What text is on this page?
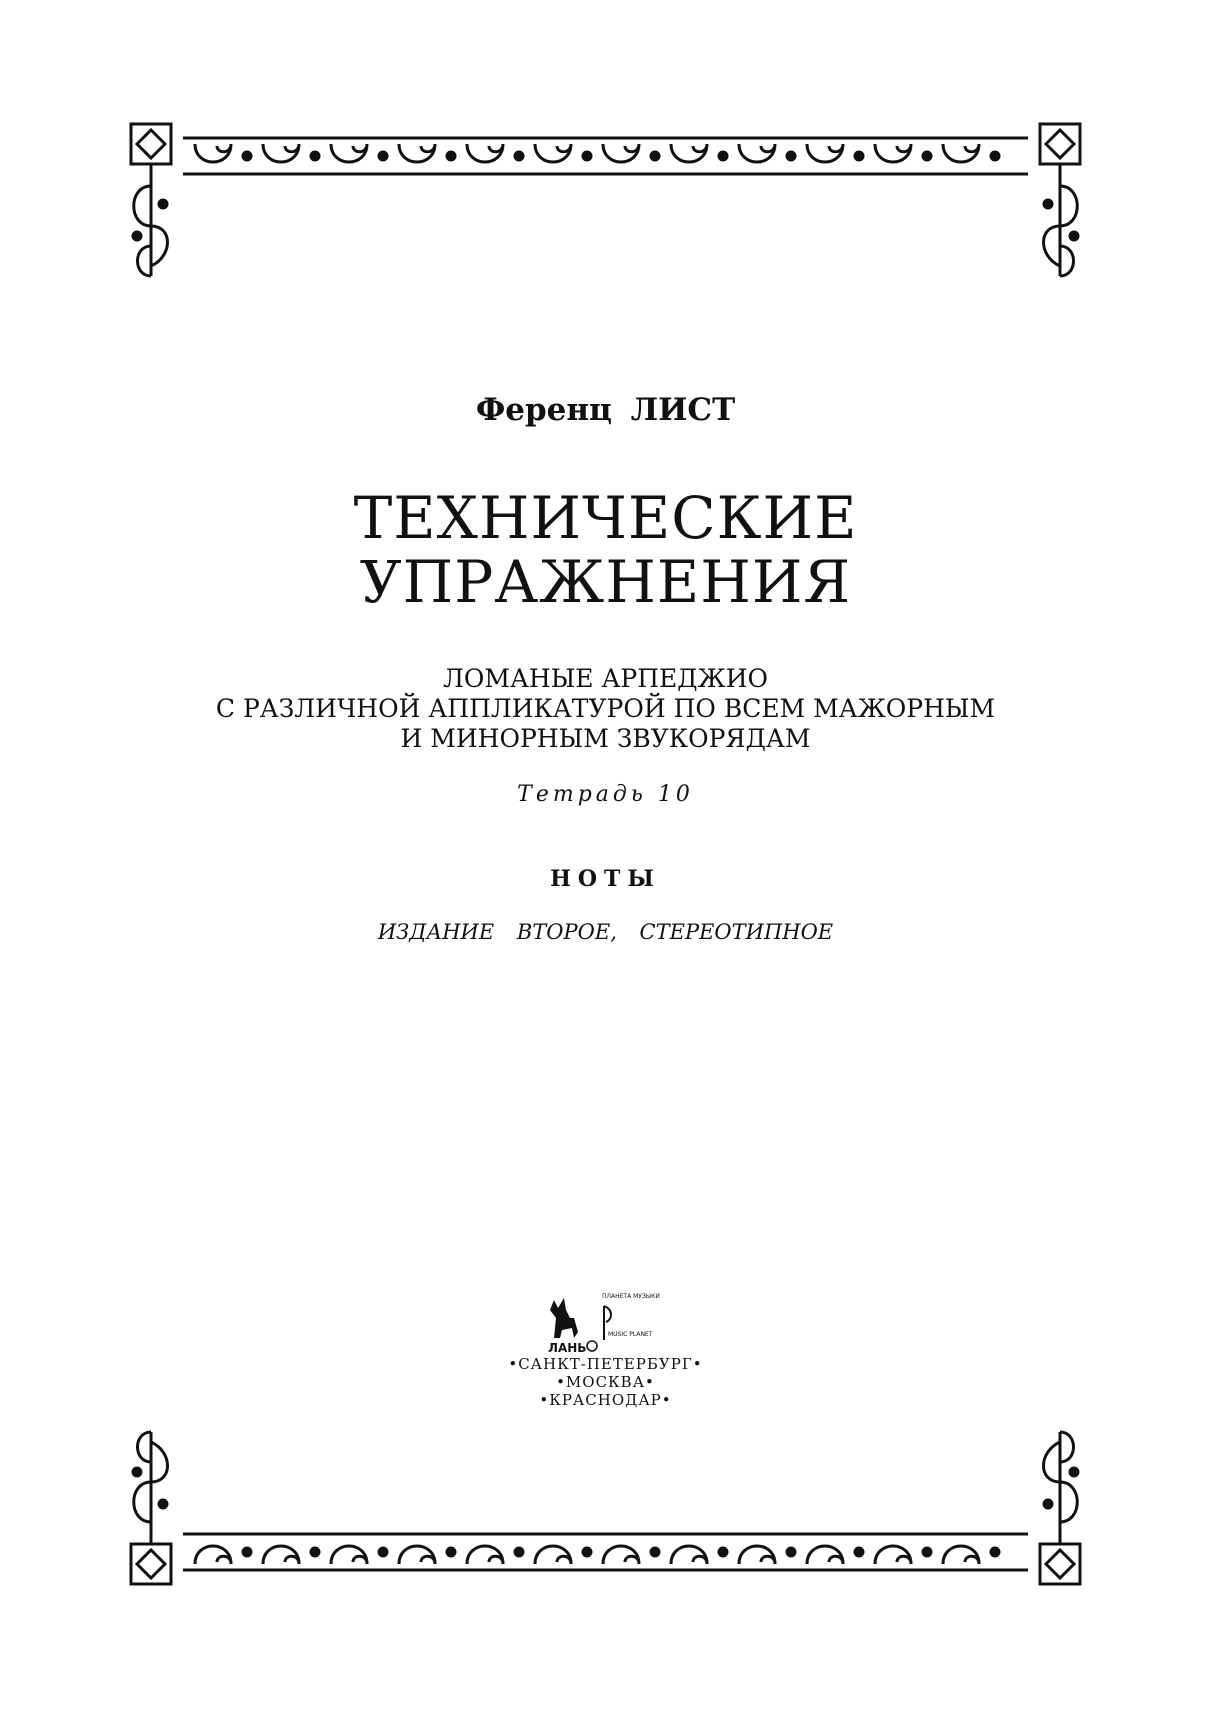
Ференц ЛИСТ
ТЕХНИЧЕСКИЕ
УПРАЖНЕНИЯ
ЛОМАНЫЕ АРПЕДЖИО
С РАЗЛИЧНОЙ АППЛИКАТУРОЙ ПО ВСЕМ МАЖОРНЫМ
И МИНОРНЫМ ЗВУКОРЯДАМ
Тетрадь 10
НОТЫ
ИЗДАНИЕ ВТОРОЕ, СТЕРЕОТИПНОЕ
ЛАНЬ
ПЛАНЕТА МУЗЫКИ
MUSIC PLANET
•САНКТ-ПЕТЕРБУРГ•
•МОСКВА•
•КРАСНОДАР•
